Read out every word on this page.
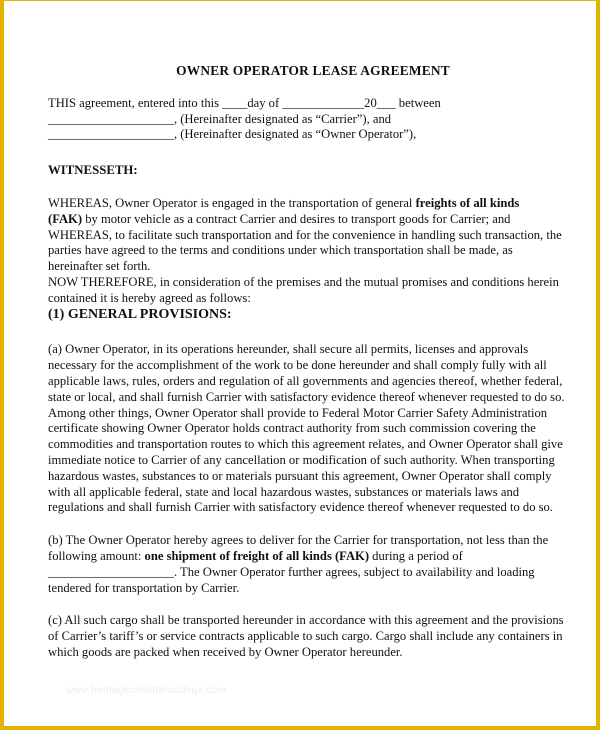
OWNER OPERATOR LEASE AGREEMENT
THIS agreement, entered into this ____day of _____________20___ between
____________________, (Hereinafter designated as “Carrier”), and
____________________, (Hereinafter designated as “Owner Operator”),
WITNESSETH:

WHEREAS, Owner Operator is engaged in the transportation of general freights of all kinds
(FAK) by motor vehicle as a contract Carrier and desires to transport goods for Carrier; and

WHEREAS, to facilitate such transportation and for the convenience in handling such transaction, the parties have agreed to the terms and conditions under which transportation shall be made, as hereinafter set forth.

NOW THEREFORE, in consideration of the premises and the mutual promises and conditions herein contained it is hereby agreed as follows:

(1) GENERAL PROVISIONS:

(a) Owner Operator, in its operations hereunder, shall secure all permits, licenses and approvals necessary for the accomplishment of the work to be done hereunder and shall comply fully with all applicable laws, rules, orders and regulation of all governments and agencies thereof, whether federal, state or local, and shall furnish Carrier with satisfactory evidence thereof whenever requested to do so. Among other things, Owner Operator shall provide to Federal Motor Carrier Safety Administration certificate showing Owner Operator holds contract authority from such commission covering the commodities and transportation routes to which this agreement relates, and Owner Operator shall give immediate notice to Carrier of any cancellation or modification of such authority. When transporting hazardous wastes, substances to or materials pursuant this agreement, Owner Operator shall comply with all applicable federal, state and local hazardous wastes, substances or materials laws and regulations and shall furnish Carrier with satisfactory evidence thereof whenever requested to do so.

(b) The Owner Operator hereby agrees to deliver for the Carrier for transportation, not less than the following amount: one shipment of freight of all kinds (FAK) during a period of ____________________. The Owner Operator further agrees, subject to availability and loading tendered for transportation by Carrier.

(c) All such cargo shall be transported hereunder in accordance with this agreement and the provisions of Carrier’s tariff’s or service contracts applicable to such cargo. Cargo shall include any containers in which goods are packed when received by Owner Operator hereunder.

www.heritagechristiancollege.com
